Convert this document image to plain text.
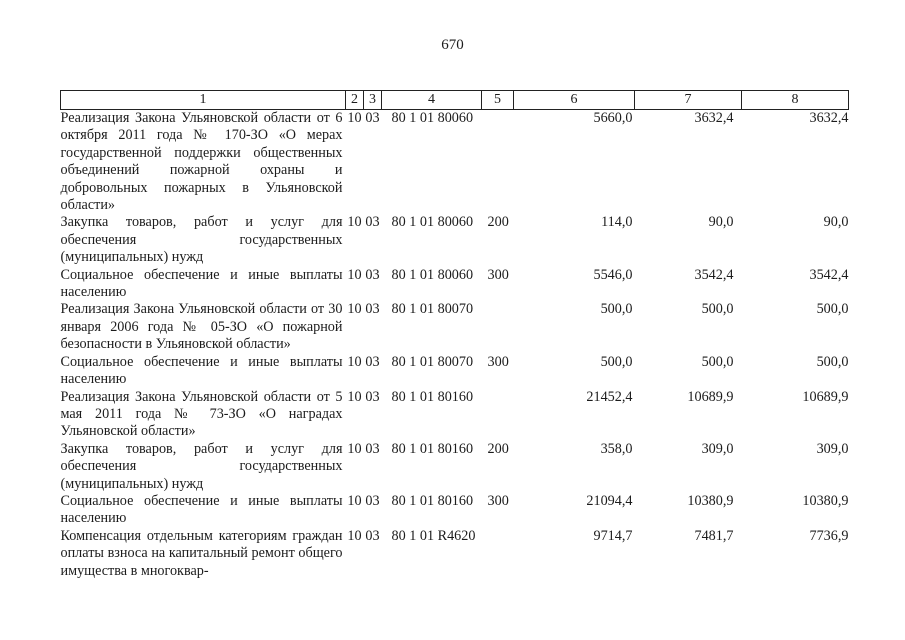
670
1	2	3	4	5	6	7	8
Реализация Закона Ульяновской области от 6 октября 2011 года № 170-ЗО «О мерах государственной поддержки общественных объединений пожарной охраны и добровольных пожарных в Ульяновской области»	10	03	80 1 01 80060		5660,0	3632,4	3632,4
Закупка товаров, работ и услуг для обеспечения государственных (муниципальных) нужд	10	03	80 1 01 80060	200	114,0	90,0	90,0
Социальное обеспечение и иные выплаты населению	10	03	80 1 01 80060	300	5546,0	3542,4	3542,4
Реализация Закона Ульяновской области от 30 января 2006 года № 05-ЗО «О пожарной безопасности в Ульяновской области»	10	03	80 1 01 80070		500,0	500,0	500,0
Социальное обеспечение и иные выплаты населению	10	03	80 1 01 80070	300	500,0	500,0	500,0
Реализация Закона Ульяновской области от 5 мая 2011 года № 73-ЗО «О наградах Ульяновской области»	10	03	80 1 01 80160		21452,4	10689,9	10689,9
Закупка товаров, работ и услуг для обеспечения государственных (муниципальных) нужд	10	03	80 1 01 80160	200	358,0	309,0	309,0
Социальное обеспечение и иные выплаты населению	10	03	80 1 01 80160	300	21094,4	10380,9	10380,9
Компенсация отдельным категориям граждан оплаты взноса на капитальный ремонт общего имущества в многоквар-	10	03	80 1 01 R4620		9714,7	7481,7	7736,9
